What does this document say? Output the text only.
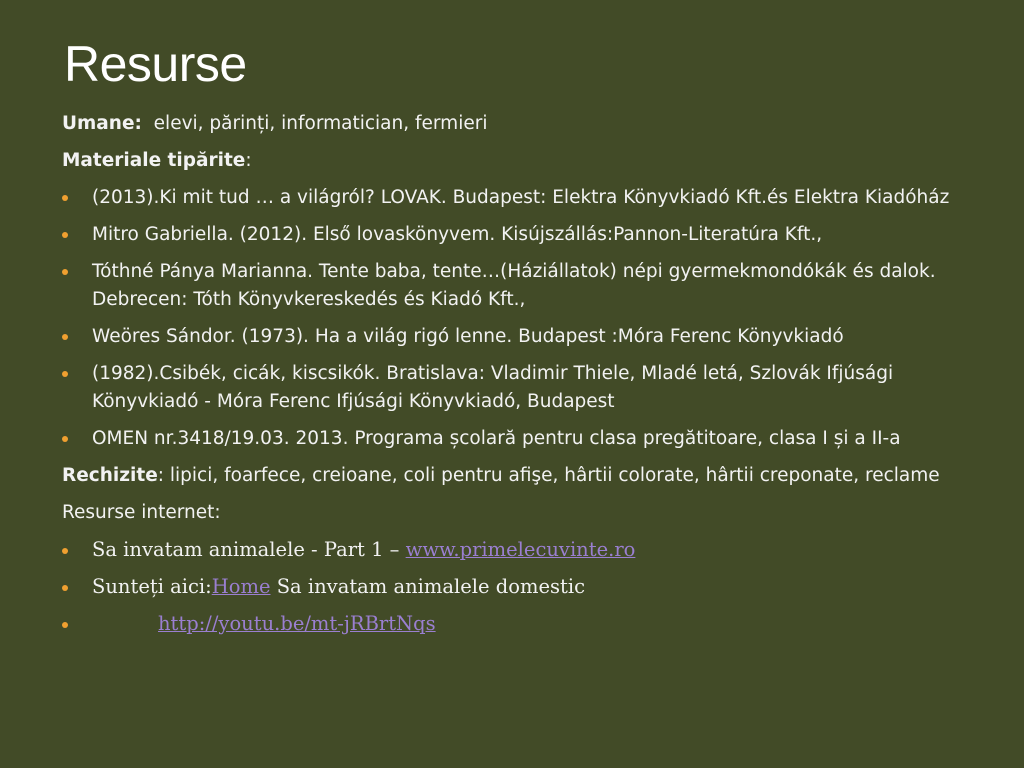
Resurse
Umane: elevi, părinți, informatician, fermieri
Materiale tipărite:
(2013).Ki mit tud … a világról? LOVAK. Budapest: Elektra Könyvkiadó Kft.és Elektra Kiadóház
Mitro Gabriella. (2012). Első lovaskönyvem. Kisújszállás:Pannon-Literatúra Kft.,
Tóthné Pánya Marianna. Tente baba, tente…(Háziállatok) népi gyermekmondókák és dalok. Debrecen: Tóth Könyvkereskedés és Kiadó Kft.,
Weöres Sándor. (1973). Ha a világ rigó lenne. Budapest :Móra Ferenc Könyvkiadó
(1982).Csibék, cicák, kiscsikók. Bratislava: Vladimir Thiele, Mladé letá, Szlovák Ifjúsági Könyvkiadó - Móra Ferenc Ifjúsági Könyvkiadó, Budapest
OMEN nr.3418/19.03. 2013. Programa școlară pentru clasa pregătitoare, clasa I și a II-a
Rechizite: lipici, foarfece, creioane, coli pentru afişe, hârtii colorate, hârtii creponate, reclame
Resurse internet:
Sa invatam animalele - Part 1 – www.primelecuvinte.ro
Sunteți aici:Home Sa invatam animalele domestic
http://youtu.be/mt-jRBrtNqs
